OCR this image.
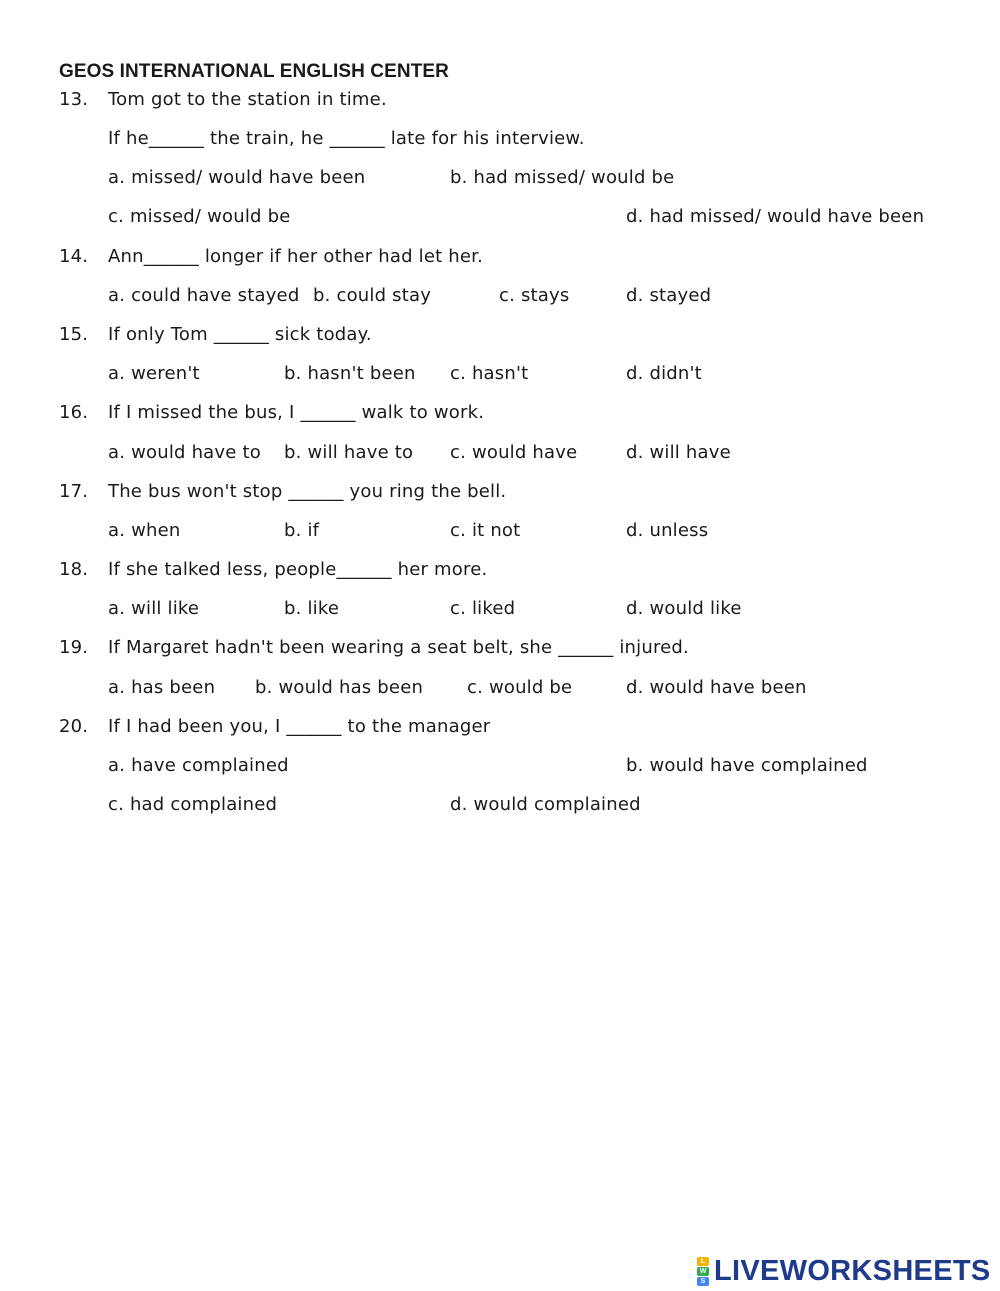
GEOS INTERNATIONAL ENGLISH CENTER
13. Tom got to the station in time.
If he______ the train, he ______ late for his interview.
a. missed/ would have been	b. had missed/ would be
c. missed/ would be	d. had missed/ would have been
14. Ann______ longer if her other had let her.
a. could have stayed b. could stay	c. stays	d. stayed
15. If only Tom ______ sick today.
a. weren't	b. hasn't been c. hasn't	d. didn't
16. If I missed the bus, I ______ walk to work.
a. would have to b. will have to c. would have	d. will have
17. The bus won't stop ______ you ring the bell.
a. when	b. if	c. it not	d. unless
18. If she talked less, people______ her more.
a. will like	b. like	c. liked	d. would like
19. If Margaret hadn't been wearing a seat belt, she ______ injured.
a. has been b. would has been c. would be	d. would have been
20. If I had been you, I ______ to the manager
a. have complained	b. would have complained
c. had complained	d. would complained
L
W
S LIVEWORKSHEETS
